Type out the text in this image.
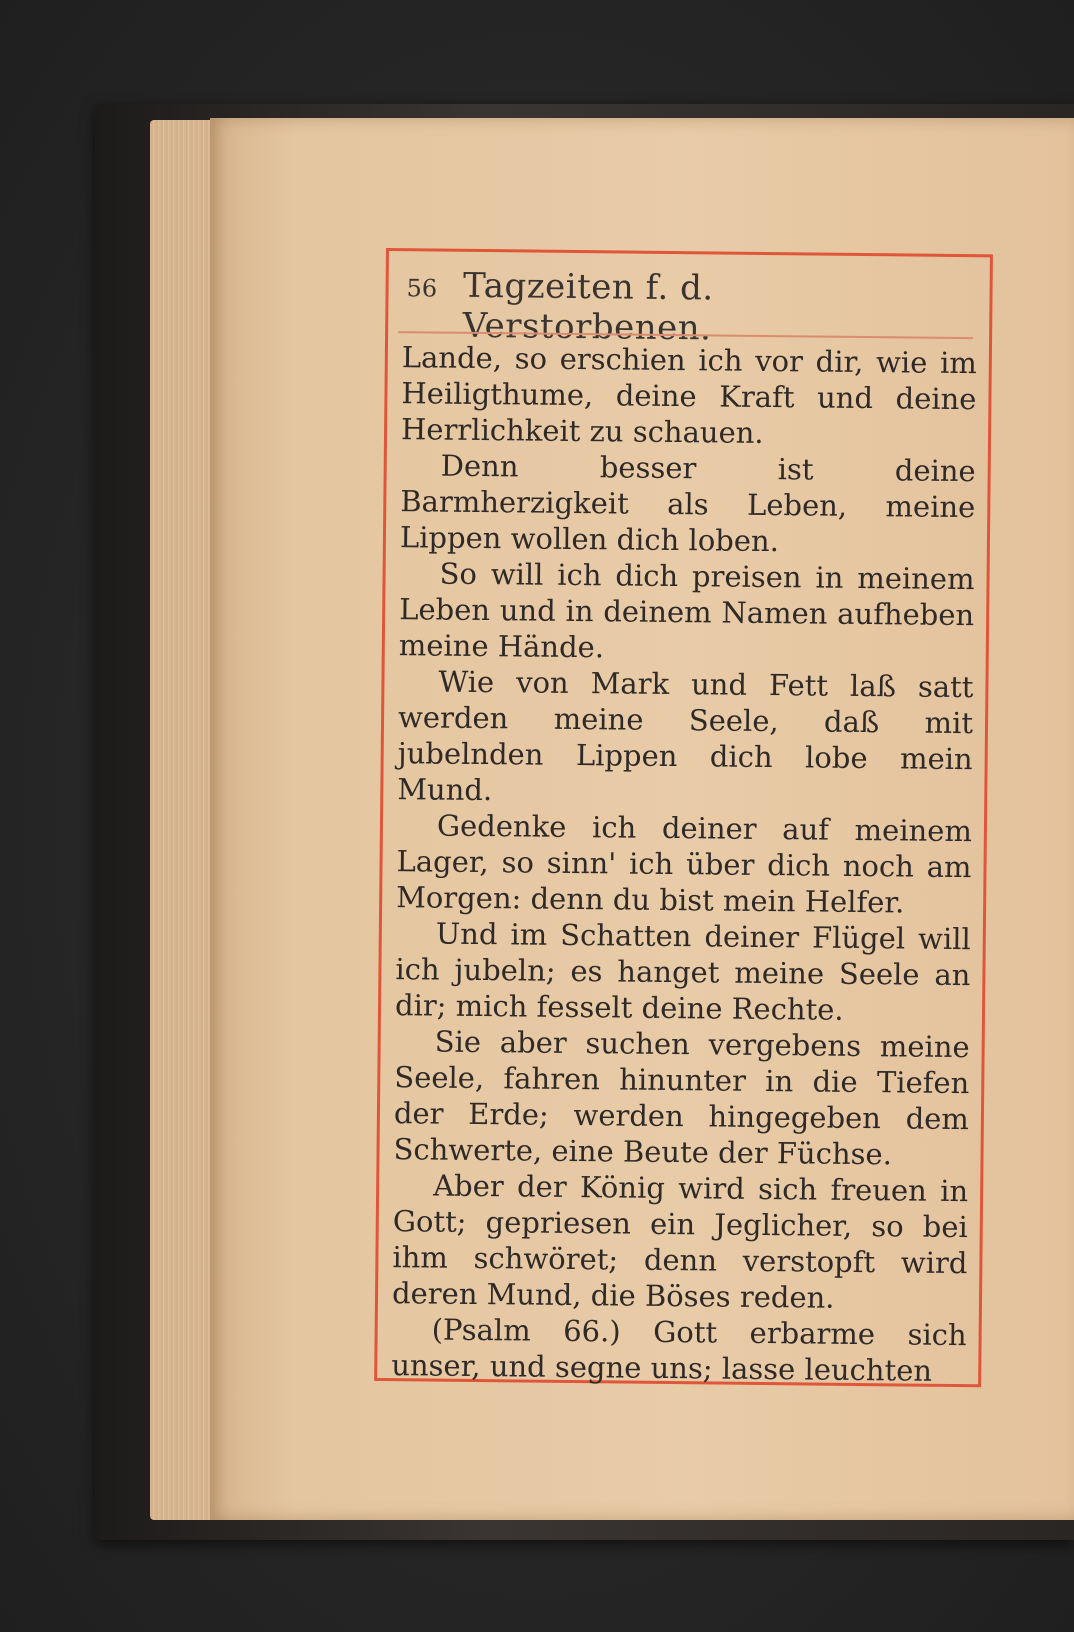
56 Tagzeiten f. d. Verstorbenen.

Lande, so erschien ich vor dir, wie im Heiligthume, deine Kraft und deine Herrlichkeit zu schauen.

Denn besser ist deine Barmherzigkeit als Leben, meine Lippen wollen dich loben.

So will ich dich preisen in meinem Leben und in deinem Namen aufheben meine Hände.

Wie von Mark und Fett laß satt werden meine Seele, daß mit jubelnden Lippen dich lobe mein Mund.

Gedenke ich deiner auf meinem Lager, so sinn' ich über dich noch am Morgen: denn du bist mein Helfer.

Und im Schatten deiner Flügel will ich jubeln; es hanget meine Seele an dir; mich fesselt deine Rechte.

Sie aber suchen vergebens meine Seele, fahren hinunter in die Tiefen der Erde; werden hingegeben dem Schwerte, eine Beute der Füchse.

Aber der König wird sich freuen in Gott; gepriesen ein Jeglicher, so bei ihm schwöret; denn verstopft wird deren Mund, die Böses reden.

(Psalm 66.) Gott erbarme sich unser, und segne uns; lasse leuchten
